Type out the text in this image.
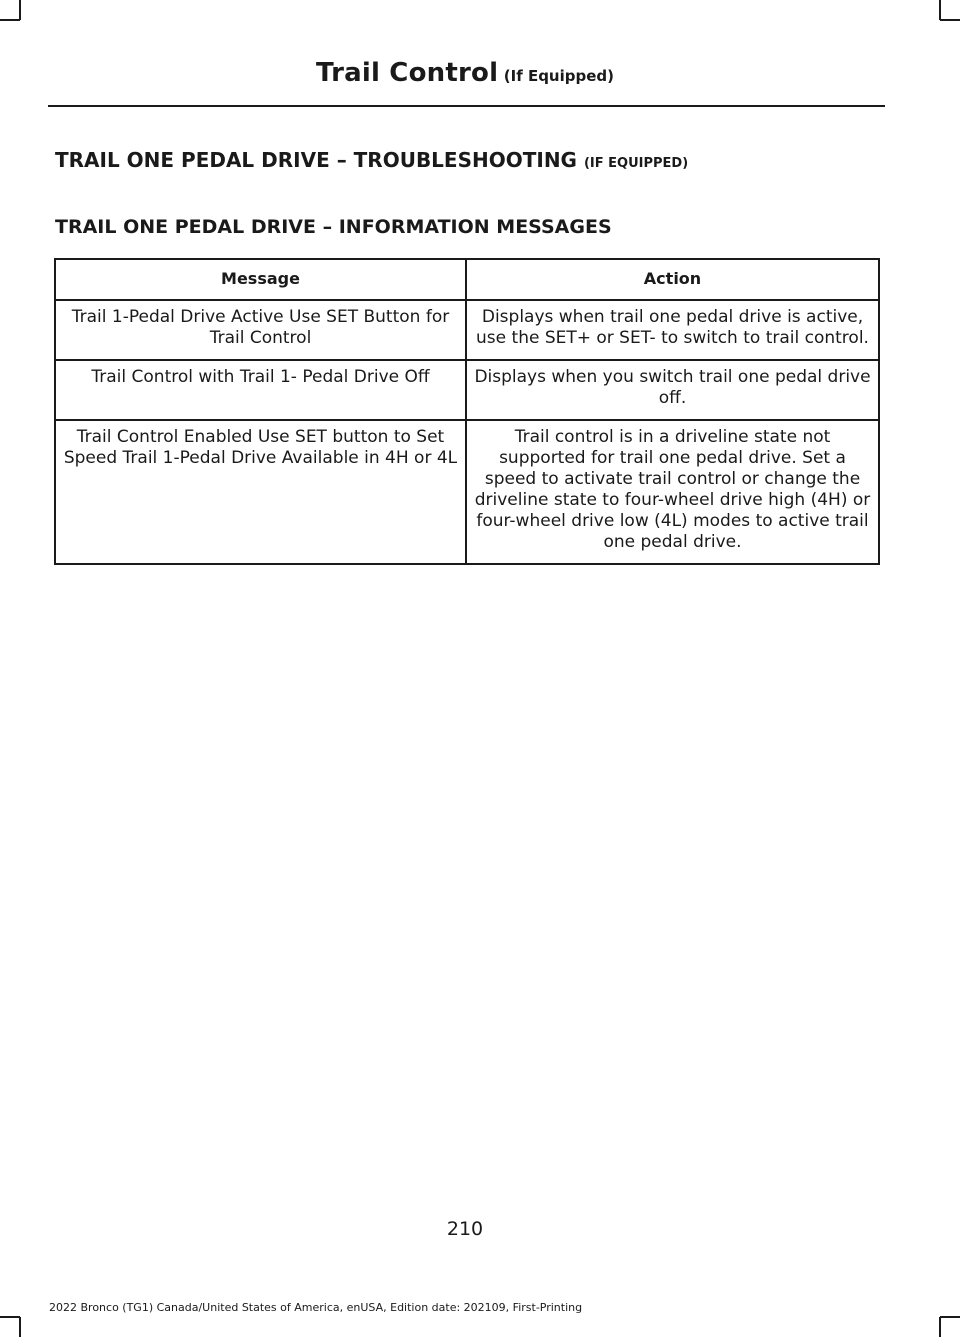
Trail Control (If Equipped)
TRAIL ONE PEDAL DRIVE – TROUBLESHOOTING (IF EQUIPPED)
TRAIL ONE PEDAL DRIVE – INFORMATION MESSAGES
Message	Action
Trail 1-Pedal Drive Active Use SET Button for Trail Control	Displays when trail one pedal drive is active, use the SET+ or SET- to switch to trail control.
Trail Control with Trail 1- Pedal Drive Off	Displays when you switch trail one pedal drive off.
Trail Control Enabled Use SET button to Set Speed Trail 1-Pedal Drive Available in 4H or 4L	Trail control is in a driveline state not supported for trail one pedal drive. Set a speed to activate trail control or change the driveline state to four-wheel drive high (4H) or four-wheel drive low (4L) modes to active trail one pedal drive.
210
2022 Bronco (TG1) Canada/United States of America, enUSA, Edition date: 202109, First-Printing
